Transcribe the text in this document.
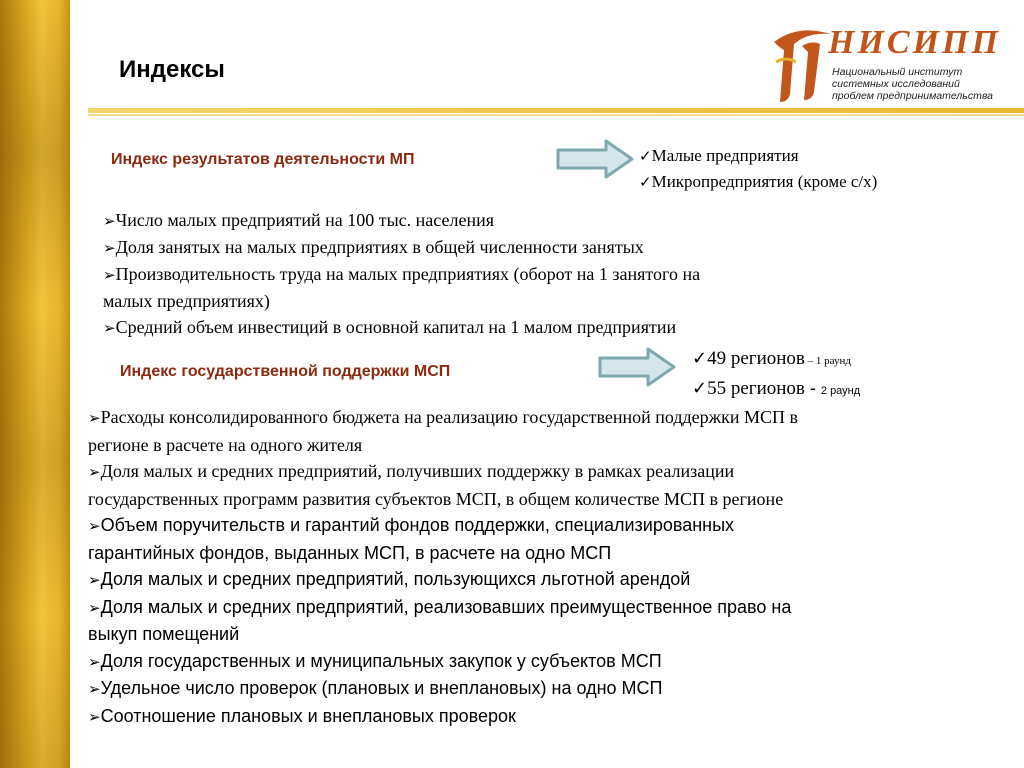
Индексы
НИСИПП
Национальный институт
системных исследований
проблем предпринимательства
Индекс результатов деятельности МП	✓Малые предприятия
✓Микропредприятия (кроме с/х)
➢Число малых предприятий на 100 тыс. населения
➢Доля занятых на малых предприятиях в общей численности занятых
➢Производительность труда на малых предприятиях (оборот на 1 занятого на
малых предприятиях)
➢Средний объем инвестиций в основной капитал на 1 малом предприятии
Индекс государственной поддержки МСП
✓49 регионов – 1 раунд
✓55 регионов - 2 раунд
➢Расходы консолидированного бюджета на реализацию государственной поддержки МСП в
регионе в расчете на одного жителя
➢Доля малых и средних предприятий, получивших поддержку в рамках реализации
государственных программ развития субъектов МСП, в общем количестве МСП в регионе
➢Объем поручительств и гарантий фондов поддержки, специализированных
гарантийных фондов, выданных МСП, в расчете на одно МСП
➢Доля малых и средних предприятий, пользующихся льготной арендой
➢Доля малых и средних предприятий, реализовавших преимущественное право на
выкуп помещений
➢Доля государственных и муниципальных закупок у субъектов МСП
➢Удельное число проверок (плановых и внеплановых) на одно МСП
➢Соотношение плановых и внеплановых проверок
